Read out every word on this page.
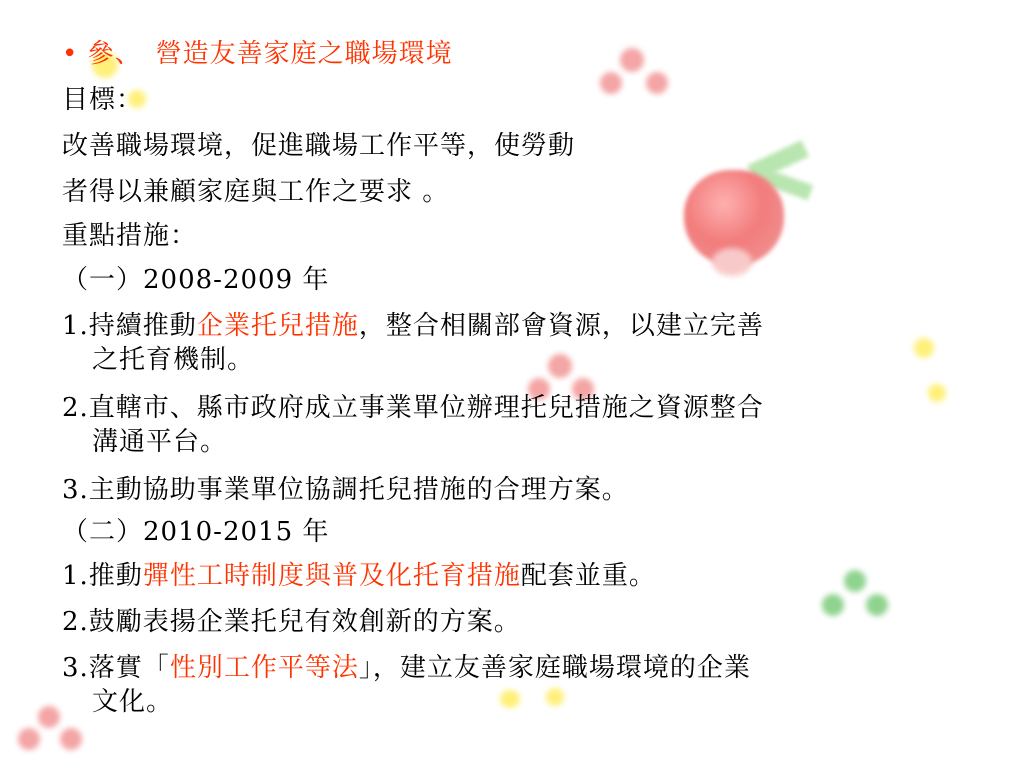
• 參、　營造友善家庭之職場環境
目標：
改善職場環境，促進職場工作平等，使勞動
者得以兼顧家庭與工作之要求 。
重點措施：
（一）2008-2009 年
1.持續推動企業托兒措施，整合相關部會資源，以建立完善
之托育機制。
2.直轄市、縣市政府成立事業單位辦理托兒措施之資源整合
溝通平台。
3.主動協助事業單位協調托兒措施的合理方案。
（二）2010-2015 年
1.推動彈性工時制度與普及化托育措施配套並重。
2.鼓勵表揚企業托兒有效創新的方案。
3.落實「性別工作平等法」，建立友善家庭職場環境的企業
文化。
